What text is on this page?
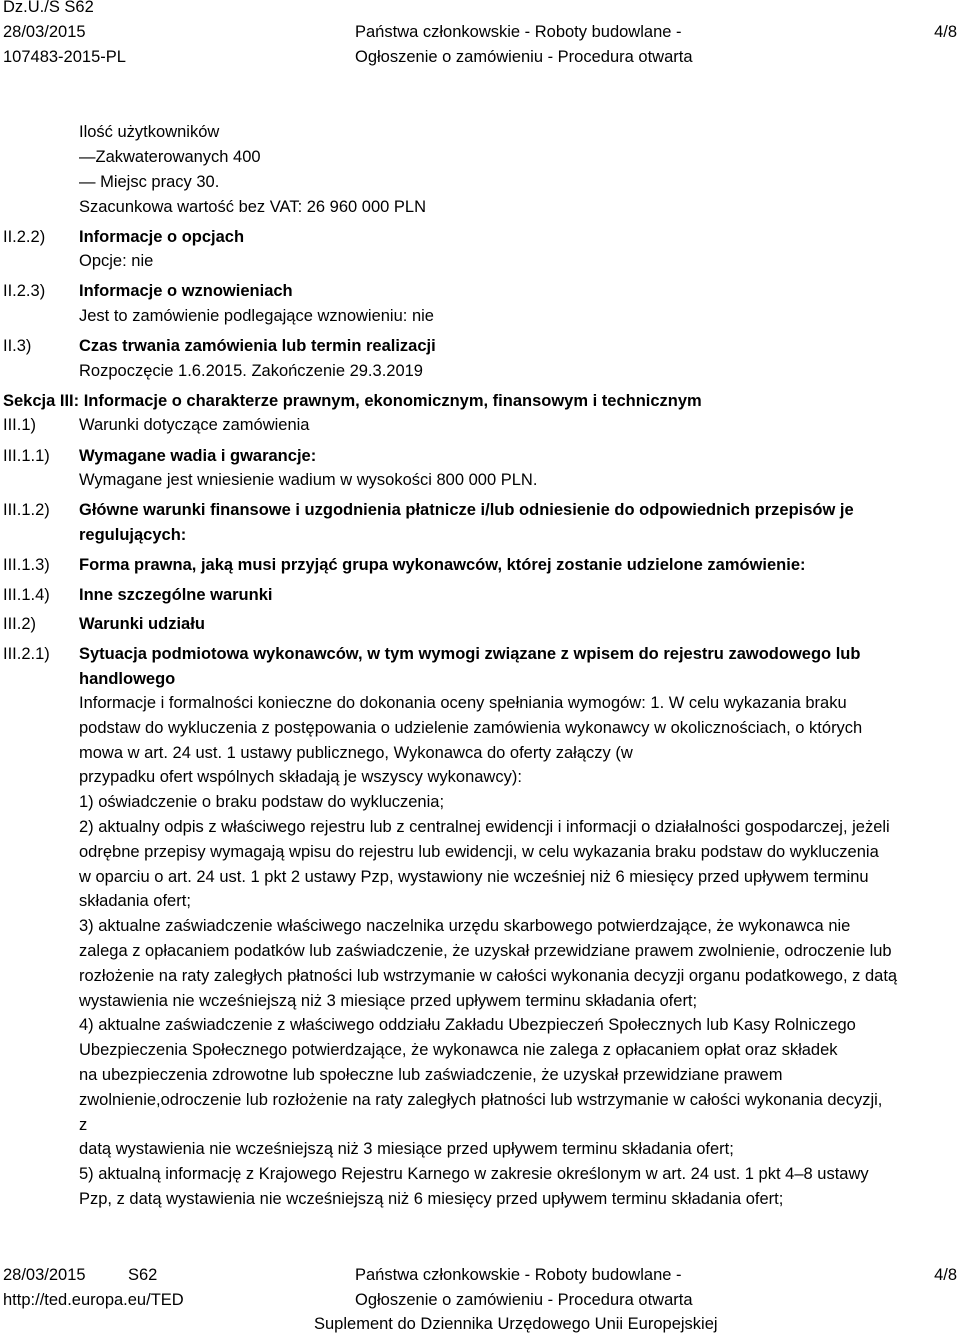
Dz.U./S S62
28/03/2015
107483-2015-PL
Państwa członkowskie - Roboty budowlane -
Ogłoszenie o zamówieniu - Procedura otwarta
4/8
Ilość użytkowników
—Zakwaterowanych 400
— Miejsc pracy 30.
Szacunkowa wartość bez VAT: 26 960 000 PLN
II.2.2) Informacje o opcjach
Opcje: nie
II.2.3) Informacje o wznowieniach
Jest to zamówienie podlegające wznowieniu: nie
II.3)	Czas trwania zamówienia lub termin realizacji
Rozpoczęcie 1.6.2015. Zakończenie 29.3.2019
Sekcja III: Informacje o charakterze prawnym, ekonomicznym, finansowym i technicznym
III.1)	Warunki dotyczące zamówienia
III.1.1) Wymagane wadia i gwarancje:
Wymagane jest wniesienie wadium w wysokości 800 000 PLN.
III.1.2) Główne warunki finansowe i uzgodnienia płatnicze i/lub odniesienie do odpowiednich przepisów je
regulujących:
III.1.3) Forma prawna, jaką musi przyjąć grupa wykonawców, której zostanie udzielone zamówienie:
III.1.4) Inne szczególne warunki
III.2)	Warunki udziału
III.2.1) Sytuacja podmiotowa wykonawców, w tym wymogi związane z wpisem do rejestru zawodowego lub
handlowego
Informacje i formalności konieczne do dokonania oceny spełniania wymogów: 1. W celu wykazania braku
podstaw do wykluczenia z postępowania o udzielenie zamówienia wykonawcy w okolicznościach, o których
mowa w art. 24 ust. 1 ustawy publicznego, Wykonawca do oferty załączy (w
przypadku ofert wspólnych składają je wszyscy wykonawcy):
1) oświadczenie o braku podstaw do wykluczenia;
2) aktualny odpis z właściwego rejestru lub z centralnej ewidencji i informacji o działalności gospodarczej, jeżeli
odrębne przepisy wymagają wpisu do rejestru lub ewidencji, w celu wykazania braku podstaw do wykluczenia
w oparciu o art. 24 ust. 1 pkt 2 ustawy Pzp, wystawiony nie wcześniej niż 6 miesięcy przed upływem terminu
składania ofert;
3) aktualne zaświadczenie właściwego naczelnika urzędu skarbowego potwierdzające, że wykonawca nie
zalega z opłacaniem podatków lub zaświadczenie, że uzyskał przewidziane prawem zwolnienie, odroczenie lub
rozłożenie na raty zaległych płatności lub wstrzymanie w całości wykonania decyzji organu podatkowego, z datą
wystawienia nie wcześniejszą niż 3 miesiące przed upływem terminu składania ofert;
4) aktualne zaświadczenie z właściwego oddziału Zakładu Ubezpieczeń Społecznych lub Kasy Rolniczego
Ubezpieczenia Społecznego potwierdzające, że wykonawca nie zalega z opłacaniem opłat oraz składek
na ubezpieczenia zdrowotne lub społeczne lub zaświadczenie, że uzyskał przewidziane prawem
zwolnienie,odroczenie lub rozłożenie na raty zaległych płatności lub wstrzymanie w całości wykonania decyzji,
z
datą wystawienia nie wcześniejszą niż 3 miesiące przed upływem terminu składania ofert;
5) aktualną informację z Krajowego Rejestru Karnego w zakresie określonym w art. 24 ust. 1 pkt 4–8 ustawy
Pzp, z datą wystawienia nie wcześniejszą niż 6 miesięcy przed upływem terminu składania ofert;
28/03/2015	S62
http://ted.europa.eu/TED
Państwa członkowskie - Roboty budowlane -
Ogłoszenie o zamówieniu - Procedura otwarta
Suplement do Dziennika Urzędowego Unii Europejskiej
4/8
